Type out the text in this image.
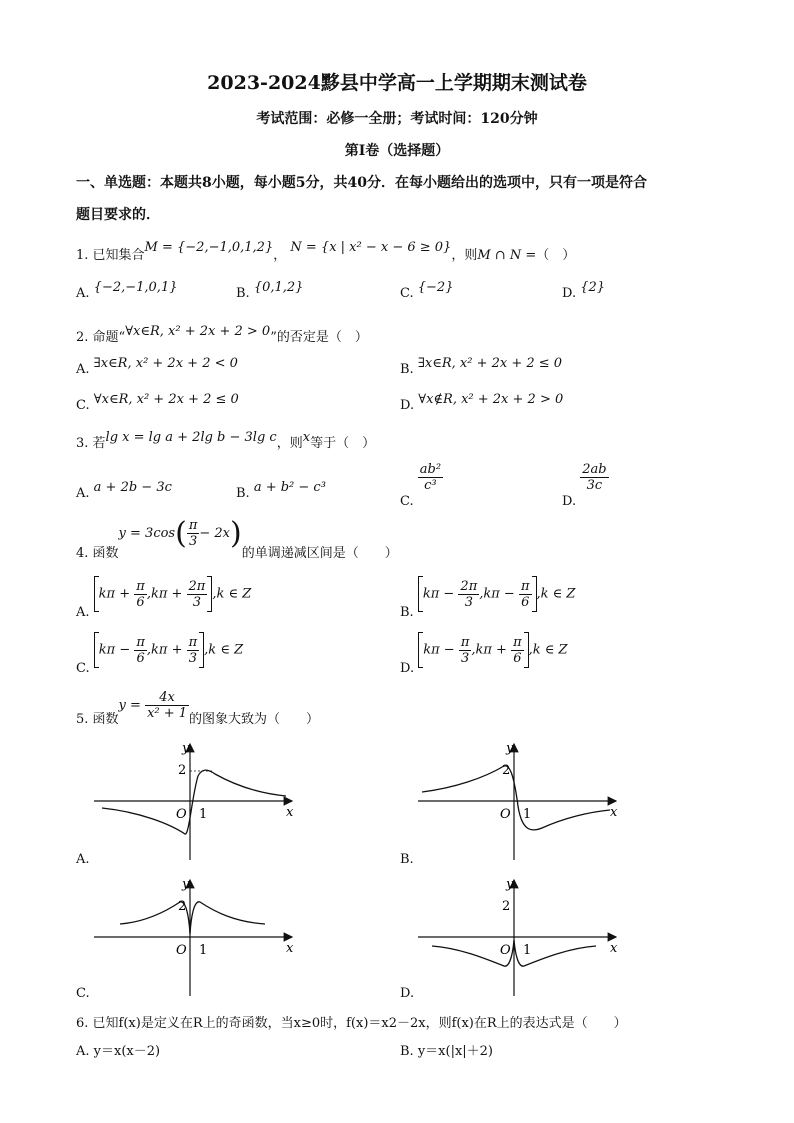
2023-2024黟县中学高一上学期期末测试卷
考试范围：必修一全册；考试时间：120分钟
第Ⅰ卷（选择题）
一、单选题：本题共8小题，每小题5分，共40分．在每小题给出的选项中，只有一项是符合
题目要求的．
1. 已知集合M = {−2,−1,0,1,2}， N = {x | x² − x − 6 ≥ 0}，则M ∩ N =（　）
A. {−2,−1,0,1}	B. {0,1,2}	C. {−2}	D. {2}
2. 命题“∀x∈R, x² + 2x + 2 > 0”的否定是（　）
A. ∃x∈R, x² + 2x + 2 < 0	B. ∃x∈R, x² + 2x + 2 ≤ 0
C. ∀x∈R, x² + 2x + 2 ≤ 0	D. ∀x∉R, x² + 2x + 2 > 0
3. 若lg x = lg a + 2lg b − 3lg c，则x等于（　）
A. a + 2b − 3c	B. a + b² − c³
C.
$\frac{\text{ab²}}{\text{c³}}$
D.
$\frac{2ab}{3c}$
4. 函数$y = 3\cos( \frac{\pi}{3} - 2x)$的单调递减区间是（　　）
A. $k\pi + \frac{\pi}{6} ,k\pi + \frac{2\pi}{3} ,k$ ∈ Z
B. $k\pi - \frac{2\pi}{3} ,k\pi - \frac{\pi}{6} ,k$ ∈ Z
C. $k\pi - \frac{\pi}{6} ,k\pi + \frac{\pi}{3} ,k$ ∈ Z
D. $k\pi - \frac{\pi}{3} ,k\pi + \frac{\pi}{6} ,k$ ∈ Z
5. 函数$y = \frac{4x}{\text{x² + 1}}$ 的图象大致为（　　）
y
x
O 1
2
A.
y
x
O 1
2
B.
y
x
O 1
2
C.
y
x
O 1
2
D.
6. 已知f(x)是定义在R上的奇函数，当x≥0时，f(x)＝x2－2x，则f(x)在R上的表达式是（　　）
A. y＝x(x－2)	B. y＝x(|x|＋2)
